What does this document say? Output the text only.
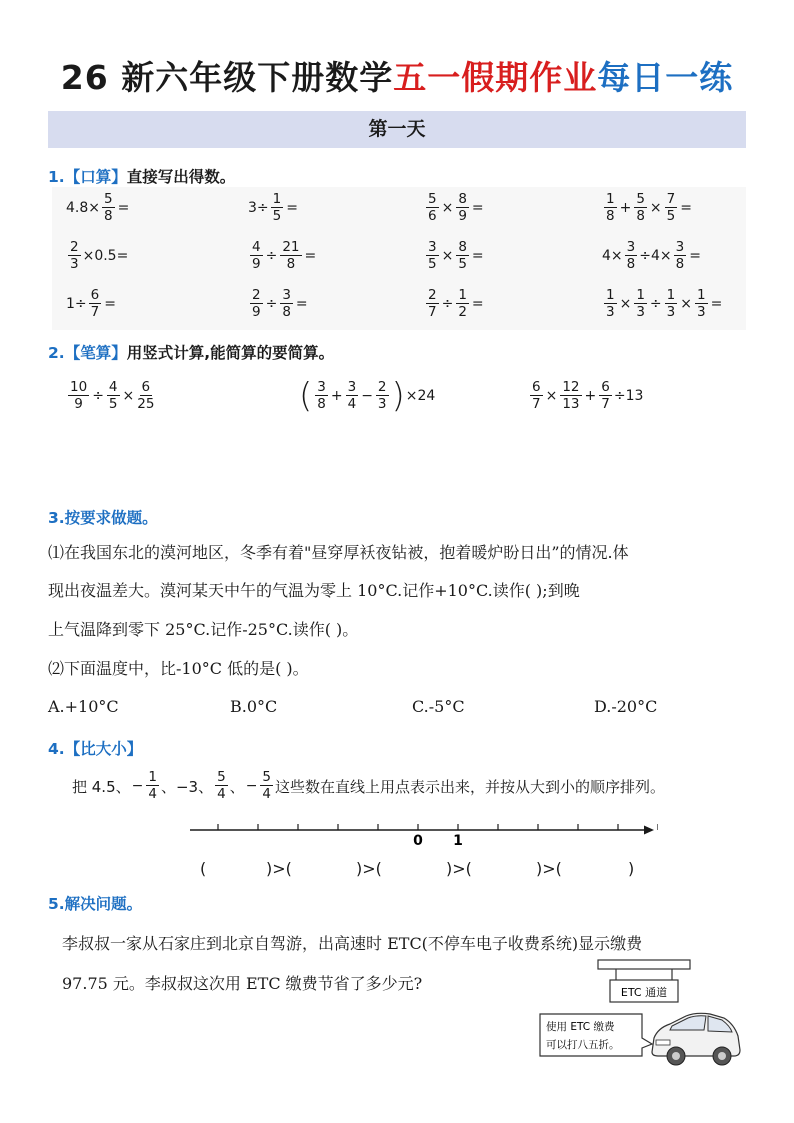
26 新六年级下册数学五一假期作业每日一练
第一天
1.【口算】直接写出得数。
$4.8\times \frac{5}{8}$ =	$3\div \frac{1}{5}$ =	$\frac{5}{6} \times \frac{8}{9}$ =	$\frac{1}{8} + \frac{5}{8} \times \frac{7}{5}$ =
$\frac{2}{3} \times 0.5=$	$\frac{4}{9} \div \frac{21}{8}$ =	$\frac{3}{5} \times \frac{8}{5}$ =	$4\times \frac{3}{8} \div 4\times \frac{3}{8}$ =
$1\div \frac{6}{7}$ =	$\frac{2}{9} \div \frac{3}{8}$ =	$\frac{2}{7} \div \frac{1}{2}$ =	$\frac{1}{3} \times \frac{1}{3} \div \frac{1}{3} \times \frac{1}{3}$ =
2.【笔算】用竖式计算,能简算的要简算。
$\frac{10}{9} \div \frac{4}{5} \times \frac{6}{25}$	( $\frac{3}{8} + \frac{3}{4} - \frac{2}{3}$ ) ×24	$\frac{6}{7} \times \frac{12}{13} + \frac{6}{7} \div 13$
3.按要求做题。
⑴在我国东北的漠河地区，冬季有着"昼穿厚袄夜钻被，抱着暖炉盼日出”的情况.体
现出夜温差大。漠河某天中午的气温为零上 10°C.记作+10°C.读作( );到晚
上气温降到零下 25°C.记作-25°C.读作( )。
⑵下面温度中，比-10°C 低的是( )。
A.+10°C	B.0°C	C.-5°C	D.-20°C
4.【比大小】
把 4.5、 − $\frac{1}{4}$ 、−3、 $\frac{5}{4}$ 、 − $\frac{5}{4}$ 这些数在直线上用点表示出来，并按从大到小的顺序排列。
0 1
(	)>(	)>(	)>(	)>(	)
5.解决问题。
李叔叔一家从石家庄到北京自驾游，出高速时 ETC(不停车电子收费系统)显示缴费
97.75 元。李叔叔这次用 ETC 缴费节省了多少元?	ETC 通道
使用 ETC 缴费
可以打八五折。
